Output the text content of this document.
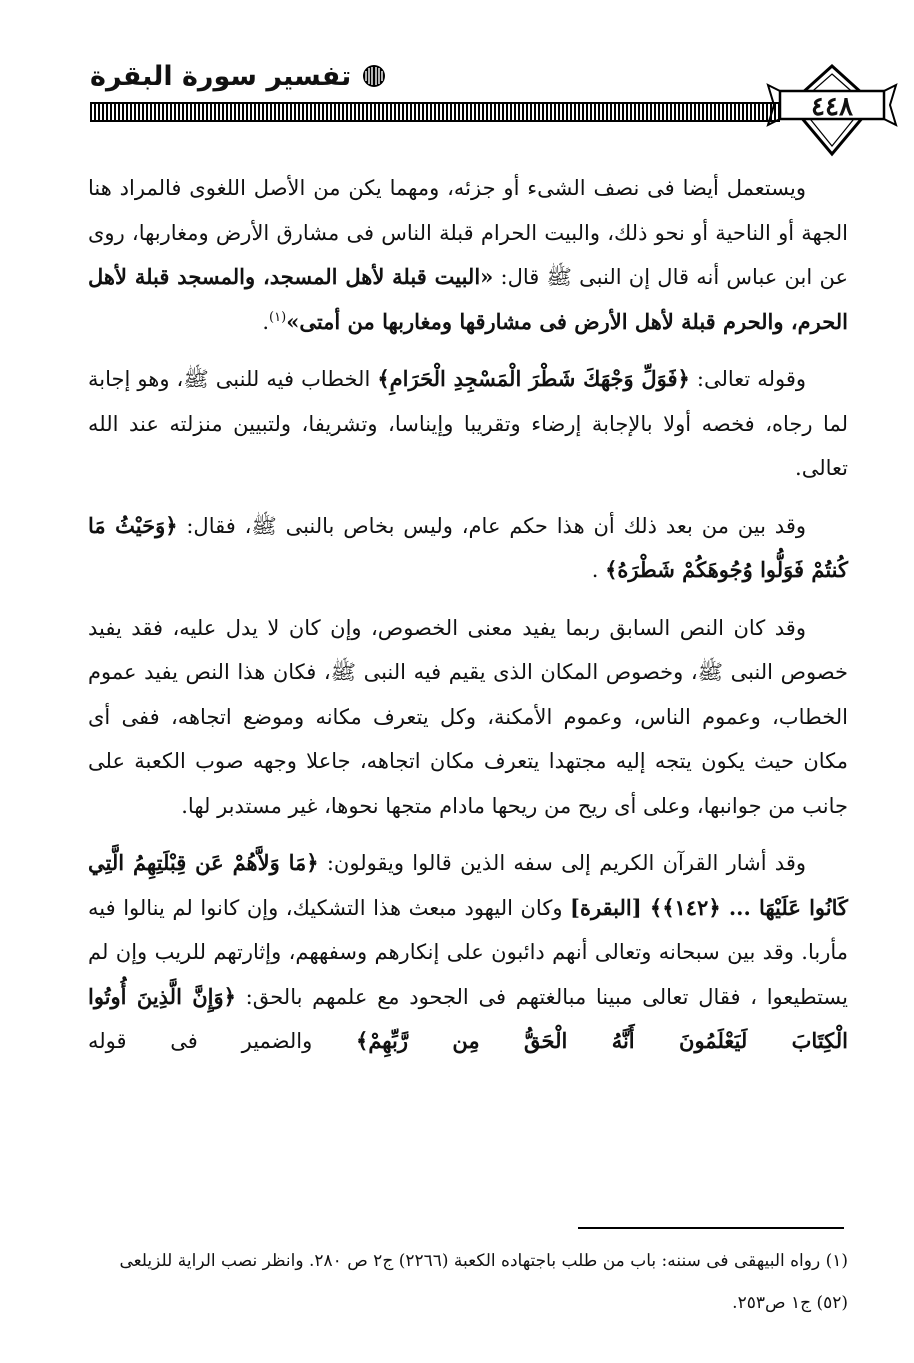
تفسير سورة البقرة
٤٤٨

ويستعمل أيضا فى نصف الشىء أو جزئه، ومهما يكن من الأصل اللغوى فالمراد هنا الجهة أو الناحية أو نحو ذلك، والبيت الحرام قبلة الناس فى مشارق الأرض ومغاربها، روى عن ابن عباس أنه قال إن النبى ﷺ قال: «البيت قبلة لأهل المسجد، والمسجد قبلة لأهل الحرم، والحرم قبلة لأهل الأرض فى مشارقها ومغاربها من أمتى»$^{(١)}$.

وقوله تعالى: ﴿فَوَلِّ وَجْهَكَ شَطْرَ الْمَسْجِدِ الْحَرَامِ﴾ الخطاب فيه للنبى ﷺ، وهو إجابة لما رجاه، فخصه أولا بالإجابة إرضاء وتقريبا وإيناسا، وتشريفا، ولتبيين منزلته عند الله تعالى.

وقد بين من بعد ذلك أن هذا حكم عام، وليس بخاص بالنبى ﷺ، فقال: ﴿وَحَيْثُ مَا كُنتُمْ فَوَلُّوا وُجُوهَكُمْ شَطْرَهُ﴾ .

وقد كان النص السابق ربما يفيد معنى الخصوص، وإن كان لا يدل عليه، فقد يفيد خصوص النبى ﷺ، وخصوص المكان الذى يقيم فيه النبى ﷺ، فكان هذا النص يفيد عموم الخطاب، وعموم الناس، وعموم الأمكنة، وكل يتعرف مكانه وموضع اتجاهه، ففى أى مكان حيث يكون يتجه إليه مجتهدا يتعرف مكان اتجاهه، جاعلا وجهه صوب الكعبة على جانب من جوانبها، وعلى أى ريح من ريحها مادام متجها نحوها، غير مستدبر لها.

وقد أشار القرآن الكريم إلى سفه الذين قالوا ويقولون: ﴿مَا وَلاَّهُمْ عَن قِبْلَتِهِمُ الَّتِي كَانُوا عَلَيْهَا ... ﴿١٤٢﴾﴾ [البقرة] وكان اليهود مبعث هذا التشكيك، وإن كانوا لم ينالوا فيه مأربا. وقد بين سبحانه وتعالى أنهم دائبون على إنكارهم وسفههم، وإثارتهم للريب وإن لم يستطيعوا ، فقال تعالى مبينا مبالغتهم فى الجحود مع علمهم بالحق: ﴿وَإِنَّ الَّذِينَ أُوتُوا الْكِتَابَ لَيَعْلَمُونَ أَنَّهُ الْحَقُّ مِن رَّبِّهِمْ﴾ والضمير فى قوله

(١) رواه البيهقى فى سننه: باب من طلب باجتهاده الكعبة (٢٢٦٦) ج٢ ص ٢٨٠. وانظر نصب الراية للزيلعى

(٥٢) ج١ ص٢٥٣.
